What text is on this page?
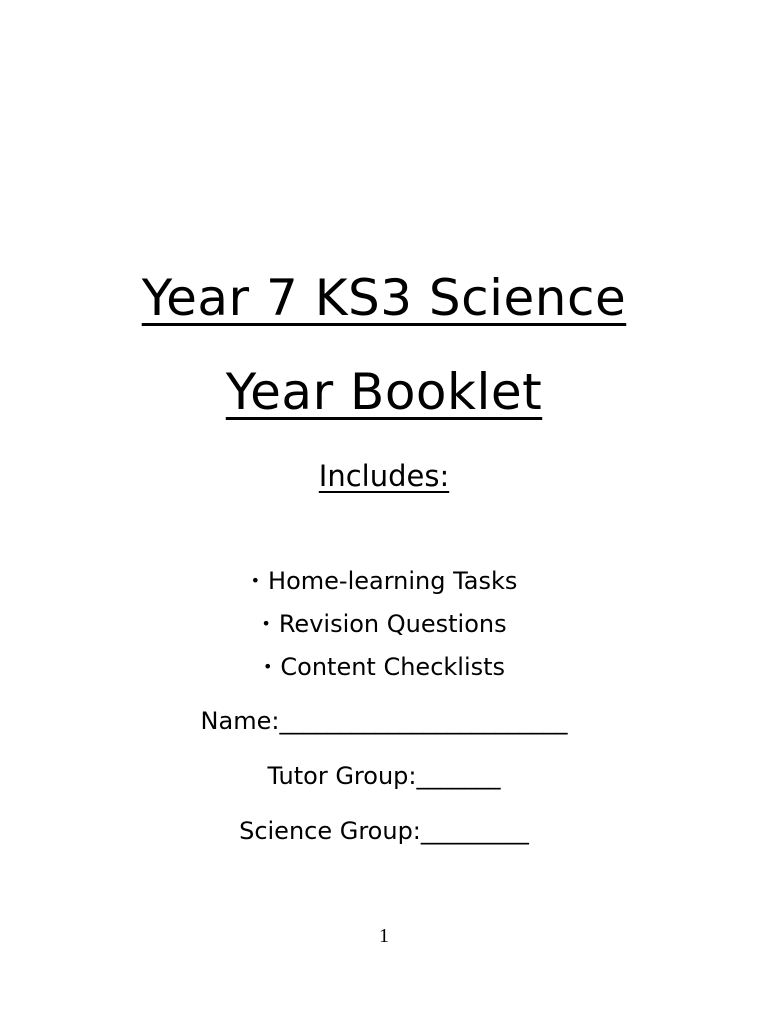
Year 7 KS3 Science
Year Booklet
Includes:
• Home-learning Tasks
• Revision Questions
• Content Checklists
Name:________________________
Tutor Group:_______
Science Group:_________
1
